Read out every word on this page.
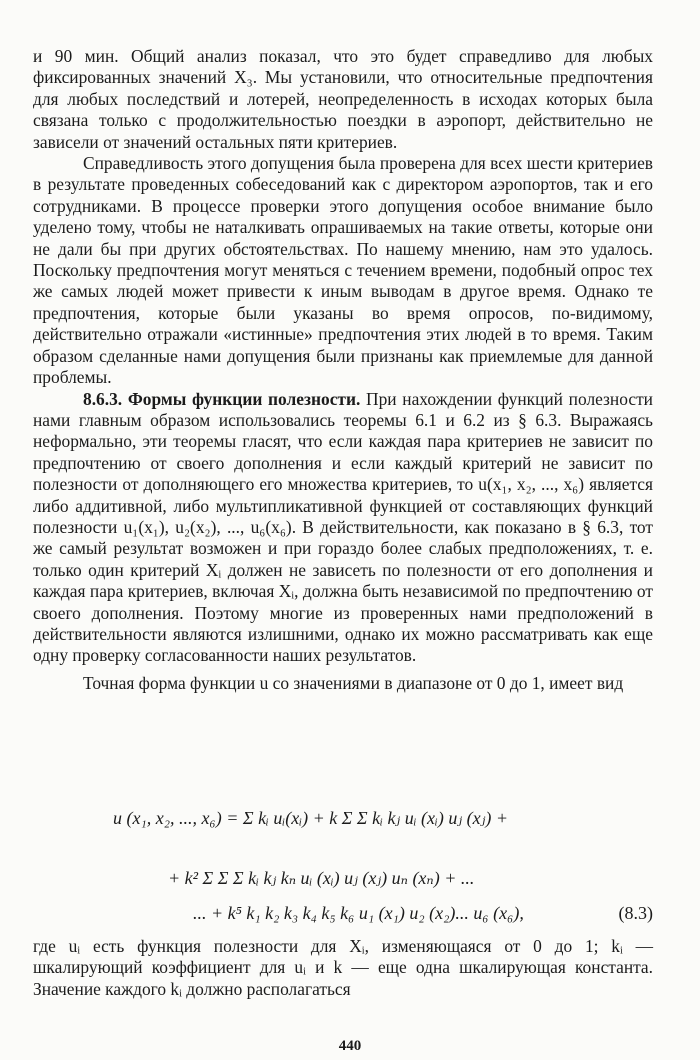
и 90 мин. Общий анализ показал, что это будет справедливо для любых фиксированных значений X₃. Мы установили, что относительные предпочтения для любых последствий и лотерей, неопределенность в исходах которых была связана только с продолжительностью поездки в аэропорт, действительно не зависели от значений остальных пяти критериев.

Справедливость этого допущения была проверена для всех шести критериев в результате проведенных собеседований как с директором аэропортов, так и его сотрудниками. В процессе проверки этого допущения особое внимание было уделено тому, чтобы не наталкивать опрашиваемых на такие ответы, которые они не дали бы при других обстоятельствах. По нашему мнению, нам это удалось. Поскольку предпочтения могут меняться с течением времени, подобный опрос тех же самых людей может привести к иным выводам в другое время. Однако те предпочтения, которые были указаны во время опросов, по-видимому, действительно отражали «истинные» предпочтения этих людей в то время. Таким образом сделанные нами допущения были признаны как приемлемые для данной проблемы.

8.6.3. Формы функции полезности. При нахождении функций полезности нами главным образом использовались теоремы 6.1 и 6.2 из § 6.3. Выражаясь неформально, эти теоремы гласят, что если каждая пара критериев не зависит по предпочтению от своего дополнения и если каждый критерий не зависит по полезности от дополняющего его множества критериев, то u(x₁, x₂, ..., x₆) является либо аддитивной, либо мультипликативной функцией от составляющих функций полезности u₁(x₁), u₂(x₂), ..., u₆(x₆). В действительности, как показано в § 6.3, тот же самый результат возможен и при гораздо более слабых предположениях, т. е. только один критерий Xᵢ должен не зависеть по полезности от его дополнения и каждая пара критериев, включая Xᵢ, должна быть независимой по предпочтению от своего дополнения. Поэтому многие из проверенных нами предположений в действительности являются излишними, однако их можно рассматривать как еще одну проверку согласованности наших результатов.

Точная форма функции u со значениями в диапазоне от 0 до 1, имеет вид

u (x₁, x₂, ..., x₆) = Σ kᵢ uᵢ(xᵢ) + k Σ Σ kᵢ kⱼ uᵢ (xᵢ) uⱼ (xⱼ) +
+ k² Σ Σ Σ kᵢ kⱼ kₙ uᵢ (xᵢ) uⱼ (xⱼ) uₙ (xₙ) + ...
... + k⁵ k₁ k₂ k₃ k₄ k₅ k₆ u₁ (x₁) u₂ (x₂)... u₆ (x₆),	(8.3)

где uᵢ есть функция полезности для Xᵢ, изменяющаяся от 0 до 1; kᵢ — шкалирующий коэффициент для uᵢ и k — еще одна шкалирующая константа. Значение каждого kᵢ должно располагаться

440
